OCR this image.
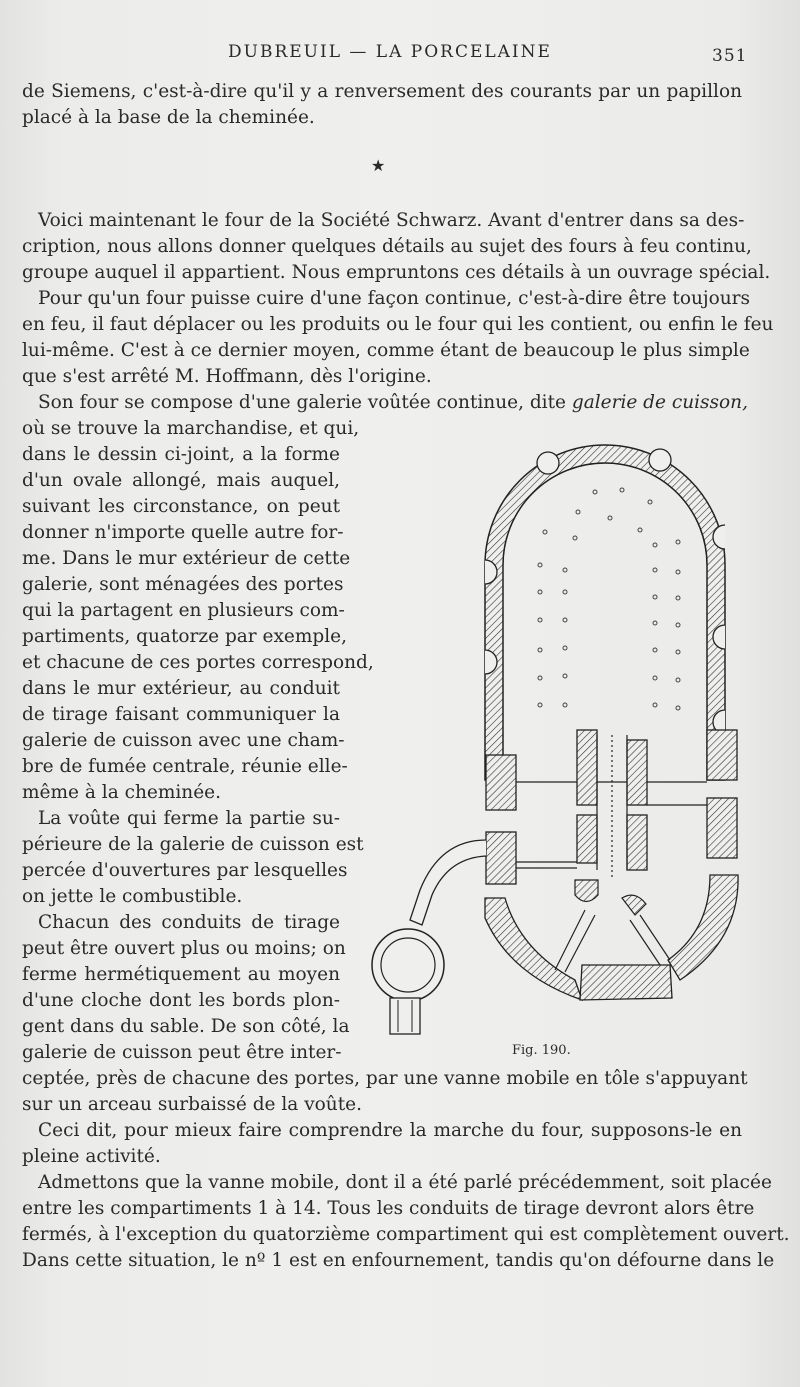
DUBREUIL — LA PORCELAINE	351
de Siemens, c'est-à-dire qu'il y a renversement des courants par un papillon
placé à la base de la cheminée.
★
Voici maintenant le four de la Société Schwarz. Avant d'entrer dans sa des-
cription, nous allons donner quelques détails au sujet des fours à feu continu,
groupe auquel il appartient. Nous empruntons ces détails à un ouvrage spécial.
Pour qu'un four puisse cuire d'une façon continue, c'est-à-dire être toujours
en feu, il faut déplacer ou les produits ou le four qui les contient, ou enfin le feu
lui-même. C'est à ce dernier moyen, comme étant de beaucoup le plus simple
que s'est arrêté M. Hoffmann, dès l'origine.
Son four se compose d'une galerie voûtée continue, dite galerie de cuisson,
où se trouve la marchandise, et qui,
dans le dessin ci-joint, a la forme
d'un ovale allongé, mais auquel,
suivant les circonstance, on peut
donner n'importe quelle autre for-
me. Dans le mur extérieur de cette
galerie, sont ménagées des portes
qui la partagent en plusieurs com-
partiments, quatorze par exemple,
et chacune de ces portes correspond,
dans le mur extérieur, au conduit
de tirage faisant communiquer la
galerie de cuisson avec une cham-
bre de fumée centrale, réunie elle-
même à la cheminée.
La voûte qui ferme la partie su-
périeure de la galerie de cuisson est
percée d'ouvertures par lesquelles
on jette le combustible.
Chacun des conduits de tirage
peut être ouvert plus ou moins; on
ferme hermétiquement au moyen
d'une cloche dont les bords plon-
gent dans du sable. De son côté, la
galerie de cuisson peut être inter-
ceptée, près de chacune des portes, par une vanne mobile en tôle s'appuyant
sur un arceau surbaissé de la voûte.
Ceci dit, pour mieux faire comprendre la marche du four, supposons-le en
pleine activité.
Admettons que la vanne mobile, dont il a été parlé précédemment, soit placée
entre les compartiments 1 à 14. Tous les conduits de tirage devront alors être
fermés, à l'exception du quatorzième compartiment qui est complètement ouvert.
Dans cette situation, le nº 1 est en enfournement, tandis qu'on défourne dans le
Fig. 190.
